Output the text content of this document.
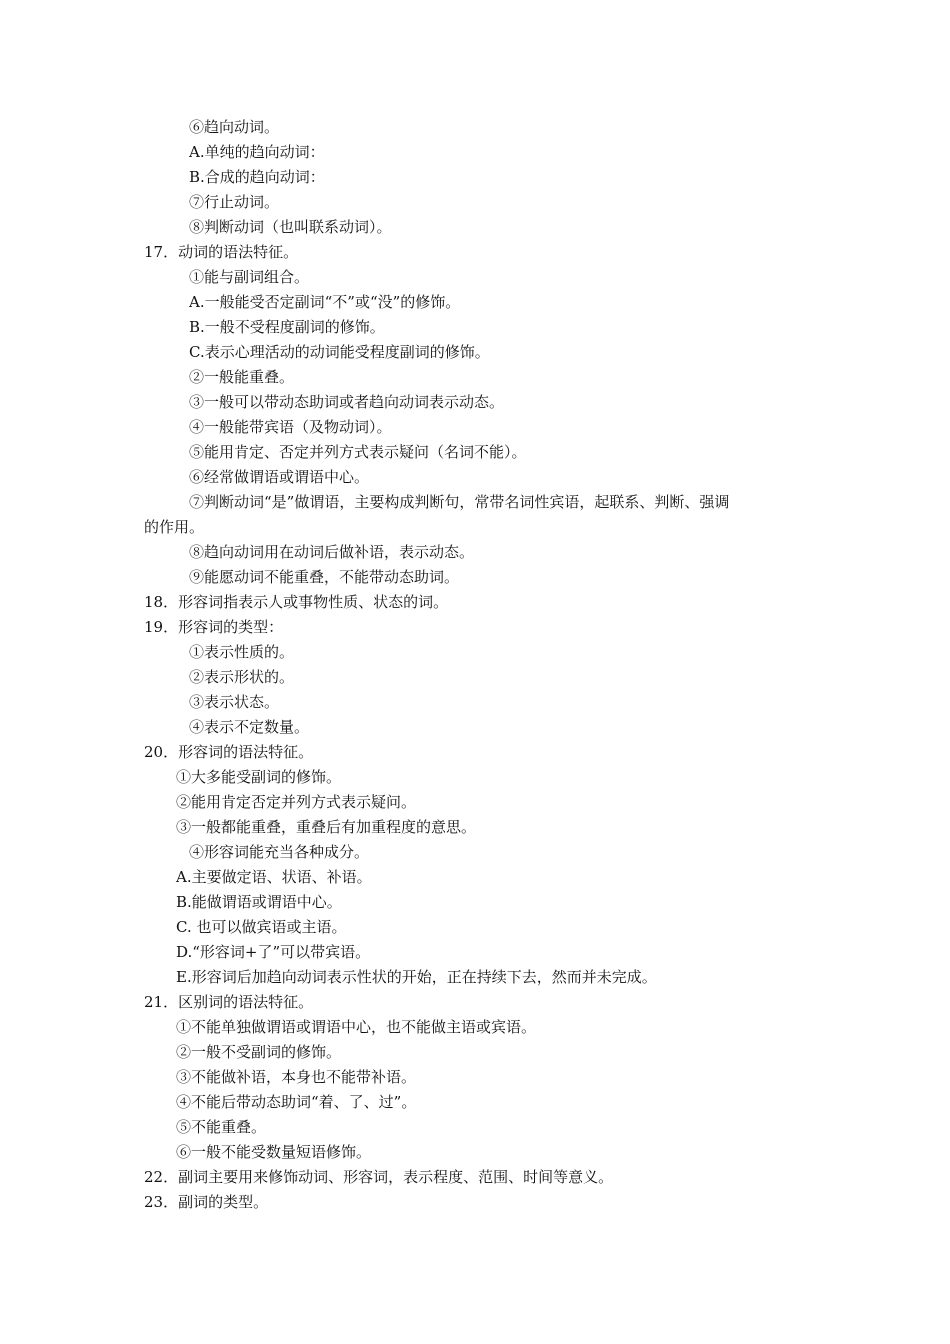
⑥趋向动词。
A.单纯的趋向动词：
B.合成的趋向动词：
⑦行止动词。
⑧判断动词（也叫联系动词）。
17．动词的语法特征。
①能与副词组合。
A.一般能受否定副词“不”或“没”的修饰。
B.一般不受程度副词的修饰。
C.表示心理活动的动词能受程度副词的修饰。
②一般能重叠。
③一般可以带动态助词或者趋向动词表示动态。
④一般能带宾语（及物动词）。
⑤能用肯定、否定并列方式表示疑问（名词不能）。
⑥经常做谓语或谓语中心。
⑦判断动词“是”做谓语，主要构成判断句，常带名词性宾语，起联系、判断、强调
的作用。
⑧趋向动词用在动词后做补语，表示动态。
⑨能愿动词不能重叠，不能带动态助词。
18．形容词指表示人或事物性质、状态的词。
19．形容词的类型：
①表示性质的。
②表示形状的。
③表示状态。
④表示不定数量。
20．形容词的语法特征。
①大多能受副词的修饰。
②能用肯定否定并列方式表示疑问。
③一般都能重叠，重叠后有加重程度的意思。
④形容词能充当各种成分。
A.主要做定语、状语、补语。
B.能做谓语或谓语中心。
C. 也可以做宾语或主语。
D.“形容词+了”可以带宾语。
E.形容词后加趋向动词表示性状的开始，正在持续下去，然而并未完成。
21．区别词的语法特征。
①不能单独做谓语或谓语中心，也不能做主语或宾语。
②一般不受副词的修饰。
③不能做补语，本身也不能带补语。
④不能后带动态助词“着、了、过”。
⑤不能重叠。
⑥一般不能受数量短语修饰。
22．副词主要用来修饰动词、形容词，表示程度、范围、时间等意义。
23．副词的类型。
